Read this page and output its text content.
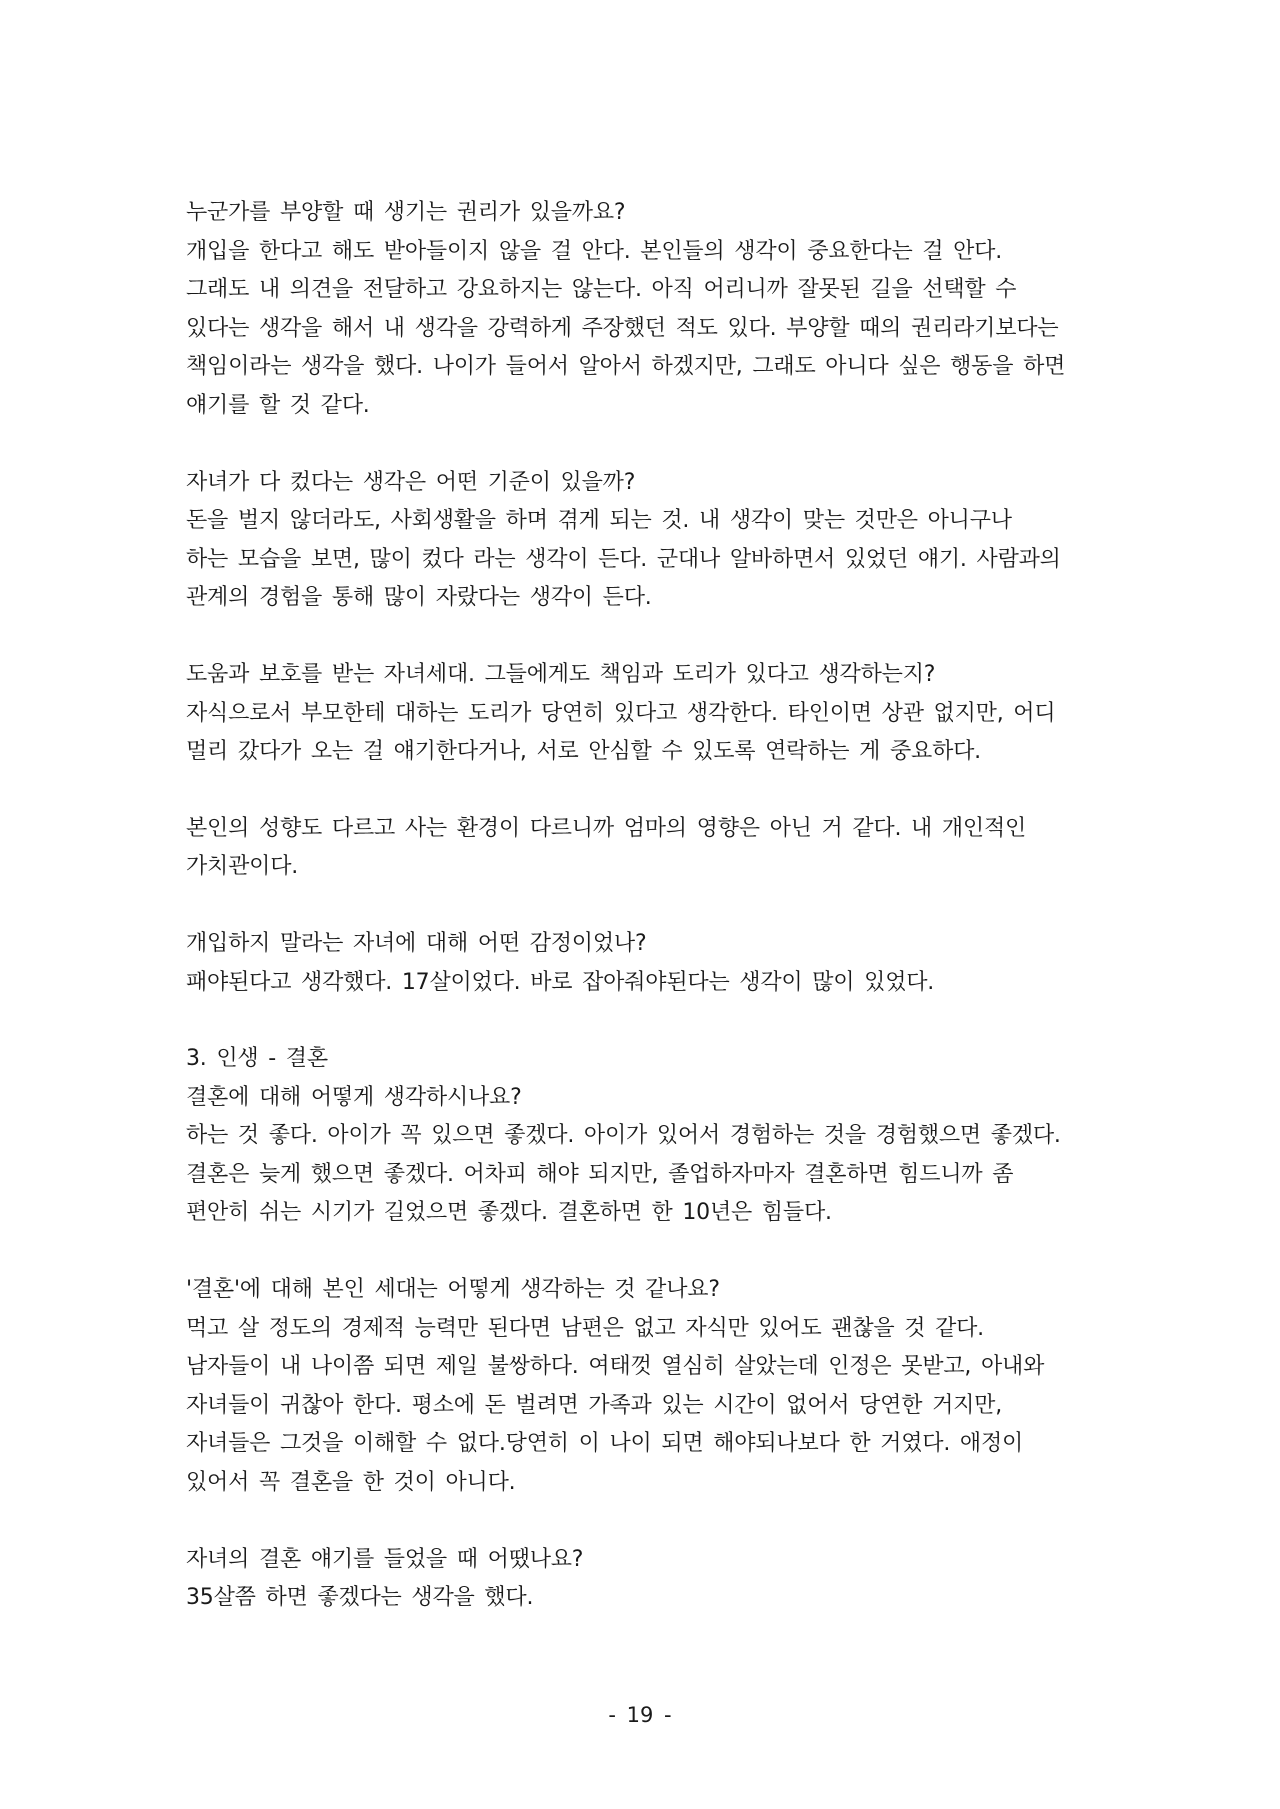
누군가를 부양할 때 생기는 권리가 있을까요?
개입을 한다고 해도 받아들이지 않을 걸 안다. 본인들의 생각이 중요한다는 걸 안다.
그래도 내 의견을 전달하고 강요하지는 않는다. 아직 어리니까 잘못된 길을 선택할 수
있다는 생각을 해서 내 생각을 강력하게 주장했던 적도 있다. 부양할 때의 권리라기보다는
책임이라는 생각을 했다. 나이가 들어서 알아서 하겠지만, 그래도 아니다 싶은 행동을 하면
얘기를 할 것 같다.
자녀가 다 컸다는 생각은 어떤 기준이 있을까?
돈을 벌지 않더라도, 사회생활을 하며 겪게 되는 것. 내 생각이 맞는 것만은 아니구나
하는 모습을 보면, 많이 컸다 라는 생각이 든다. 군대나 알바하면서 있었던 얘기. 사람과의
관계의 경험을 통해 많이 자랐다는 생각이 든다.
도움과 보호를 받는 자녀세대. 그들에게도 책임과 도리가 있다고 생각하는지?
자식으로서 부모한테 대하는 도리가 당연히 있다고 생각한다. 타인이면 상관 없지만, 어디
멀리 갔다가 오는 걸 얘기한다거나, 서로 안심할 수 있도록 연락하는 게 중요하다.
본인의 성향도 다르고 사는 환경이 다르니까 엄마의 영향은 아닌 거 같다. 내 개인적인
가치관이다.
개입하지 말라는 자녀에 대해 어떤 감정이었나?
패야된다고 생각했다. 17살이었다. 바로 잡아줘야된다는 생각이 많이 있었다.
3. 인생 - 결혼
결혼에 대해 어떻게 생각하시나요?
하는 것 좋다. 아이가 꼭 있으면 좋겠다. 아이가 있어서 경험하는 것을 경험했으면 좋겠다.
결혼은 늦게 했으면 좋겠다. 어차피 해야 되지만, 졸업하자마자 결혼하면 힘드니까 좀
편안히 쉬는 시기가 길었으면 좋겠다. 결혼하면 한 10년은 힘들다.
'결혼'에 대해 본인 세대는 어떻게 생각하는 것 같나요?
먹고 살 정도의 경제적 능력만 된다면 남편은 없고 자식만 있어도 괜찮을 것 같다.
남자들이 내 나이쯤 되면 제일 불쌍하다. 여태껏 열심히 살았는데 인정은 못받고, 아내와
자녀들이 귀찮아 한다. 평소에 돈 벌려면 가족과 있는 시간이 없어서 당연한 거지만,
자녀들은 그것을 이해할 수 없다.당연히 이 나이 되면 해야되나보다 한 거였다. 애정이
있어서 꼭 결혼을 한 것이 아니다.
자녀의 결혼 얘기를 들었을 때 어땠나요?
35살쯤 하면 좋겠다는 생각을 했다.
- 19 -
